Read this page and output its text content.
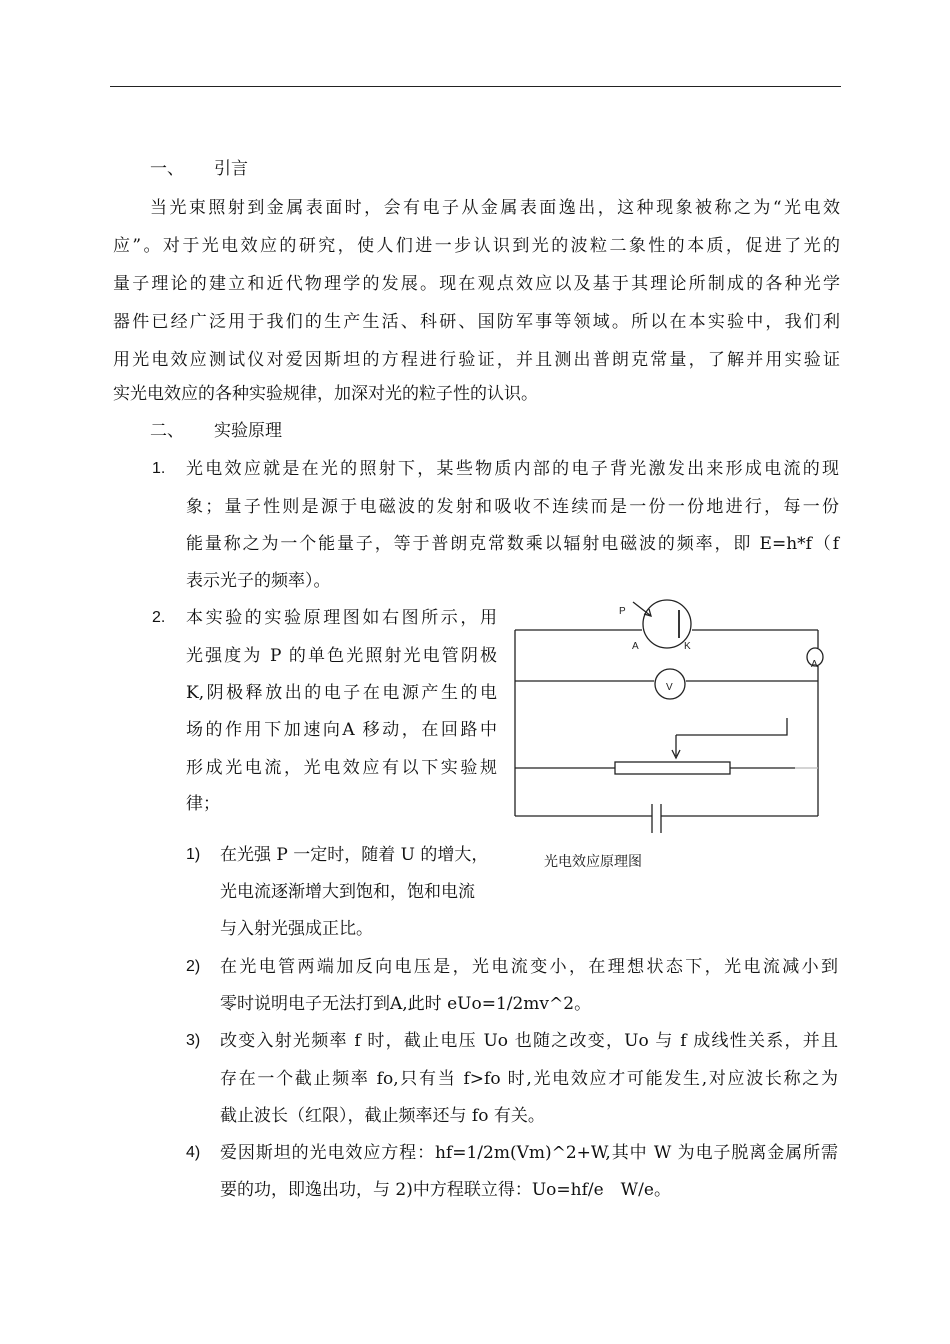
一、 引言
当光束照射到金属表面时，会有电子从金属表面逸出，这种现象被称之为“光电效
应”。对于光电效应的研究，使人们进一步认识到光的波粒二象性的本质，促进了光的
量子理论的建立和近代物理学的发展。现在观点效应以及基于其理论所制成的各种光学
器件已经广泛用于我们的生产生活、科研、国防军事等领域。所以在本实验中，我们利
用光电效应测试仪对爱因斯坦的方程进行验证，并且测出普朗克常量，了解并用实验证
实光电效应的各种实验规律，加深对光的粒子性的认识。
二、 实验原理
1. 光电效应就是在光的照射下，某些物质内部的电子背光激发出来形成电流的现
象；量子性则是源于电磁波的发射和吸收不连续而是一份一份地进行，每一份
能量称之为一个能量子，等于普朗克常数乘以辐射电磁波的频率，即 E=h*f（f
表示光子的频率）。
2. 本实验的实验原理图如右图所示，用
光强度为 P 的单色光照射光电管阴极
K,阴极释放出的电子在电源产生的电
场的作用下加速向A 移动，在回路中
形成光电流，光电效应有以下实验规
律；
P
A	K
A
V
光电效应原理图
1) 在光强 P 一定时，随着 U 的增大，
光电流逐渐增大到饱和，饱和电流
与入射光强成正比。
2) 在光电管两端加反向电压是，光电流变小，在理想状态下，光电流减小到
零时说明电子无法打到A,此时 eUo=1/2mv^2。
3) 改变入射光频率 f 时，截止电压 Uo 也随之改变，Uo 与 f 成线性关系，并且
存在一个截止频率 fo,只有当 f>fo 时,光电效应才可能发生,对应波长称之为
截止波长（红限），截止频率还与 fo 有关。
4) 爱因斯坦的光电效应方程：hf=1/2m(Vm)^2+W,其中 W 为电子脱离金属所需
要的功，即逸出功，与 2)中方程联立得：Uo=hf/e　W/e。
